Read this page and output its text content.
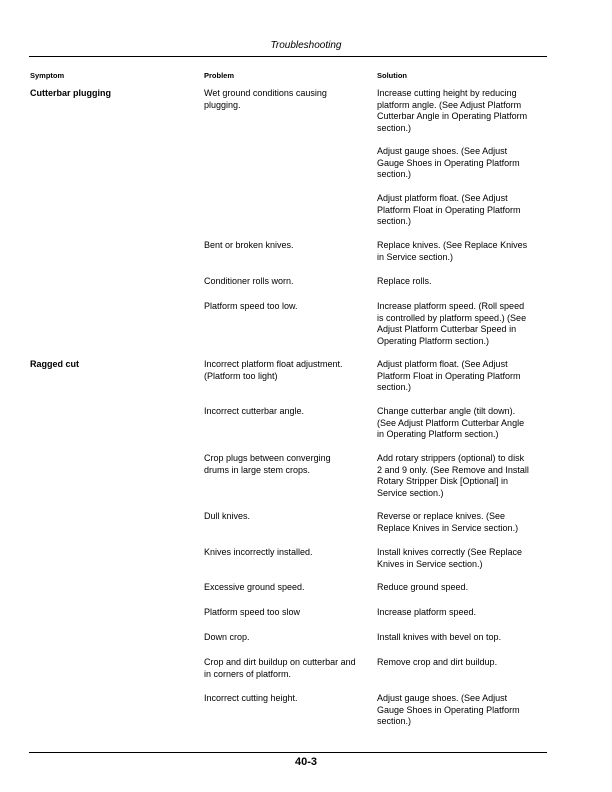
Troubleshooting
Symptom	Problem	Solution
Cutterbar plugging
Ragged cut
Wet ground conditions causing
plugging.
Bent or broken knives.
Conditioner rolls worn.
Platform speed too low.
Incorrect platform float adjustment.
(Platform too light)
Incorrect cutterbar angle.
Crop plugs between converging
drums in large stem crops.
Dull knives.
Knives incorrectly installed.
Excessive ground speed.
Platform speed too slow
Down crop.
Crop and dirt buildup on cutterbar and
in corners of platform.
Incorrect cutting height.
Increase cutting height by reducing
platform angle. (See Adjust Platform
Cutterbar Angle in Operating Platform
section.)
Adjust gauge shoes. (See Adjust
Gauge Shoes in Operating Platform
section.)
Adjust platform float. (See Adjust
Platform Float in Operating Platform
section.)
Replace knives. (See Replace Knives
in Service section.)
Replace rolls.
Increase platform speed. (Roll speed
is controlled by platform speed.) (See
Adjust Platform Cutterbar Speed in
Operating Platform section.)
Adjust platform float. (See Adjust
Platform Float in Operating Platform
section.)
Change cutterbar angle (tilt down).
(See Adjust Platform Cutterbar Angle
in Operating Platform section.)
Add rotary strippers (optional) to disk
2 and 9 only. (See Remove and Install
Rotary Stripper Disk [Optional] in
Service section.)
Reverse or replace knives. (See
Replace Knives in Service section.)
Install knives correctly (See Replace
Knives in Service section.)
Reduce ground speed.
Increase platform speed.
Install knives with bevel on top.
Remove crop and dirt buildup.
Adjust gauge shoes. (See Adjust
Gauge Shoes in Operating Platform
section.)
40-3
